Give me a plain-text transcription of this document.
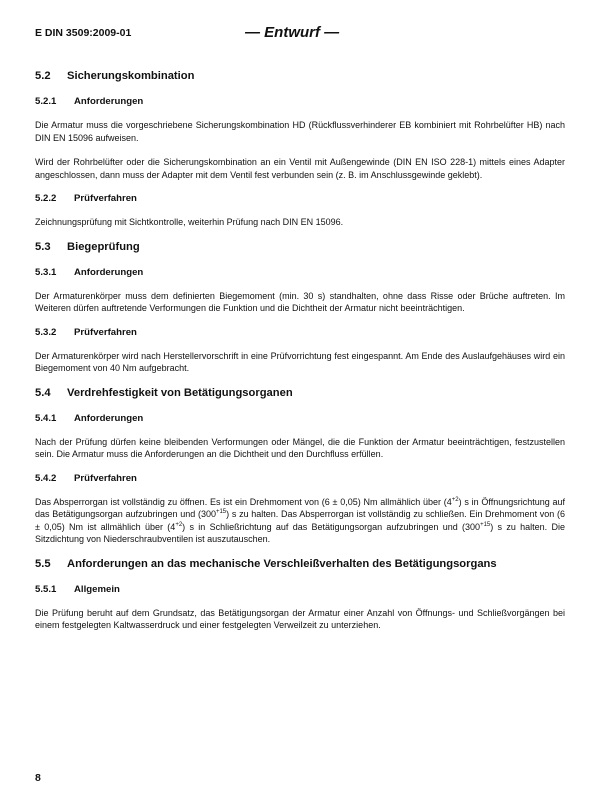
E DIN 3509:2009-01	— Entwurf —
5.2 Sicherungskombination
5.2.1 Anforderungen

Die Armatur muss die vorgeschriebene Sicherungskombination HD (Rückflussverhinderer EB kombiniert mit Rohrbelüfter HB) nach DIN EN 15096 aufweisen.

Wird der Rohrbelüfter oder die Sicherungskombination an ein Ventil mit Außengewinde (DIN EN ISO 228-1) mittels eines Adapter angeschlossen, dann muss der Adapter mit dem Ventil fest verbunden sein (z. B. im Anschlussgewinde geklebt).

5.2.2 Prüfverfahren

Zeichnungsprüfung mit Sichtkontrolle, weiterhin Prüfung nach DIN EN 15096.

5.3 Biegeprüfung
5.3.1 Anforderungen

Der Armaturenkörper muss dem definierten Biegemoment (min. 30 s) standhalten, ohne dass Risse oder Brüche auftreten. Im Weiteren dürfen auftretende Verformungen die Funktion und die Dichtheit der Armatur nicht beeinträchtigen.

5.3.2 Prüfverfahren

Der Armaturenkörper wird nach Herstellervorschrift in eine Prüfvorrichtung fest eingespannt. Am Ende des Auslaufgehäuses wird ein Biegemoment von 40 Nm aufgebracht.

5.4 Verdrehfestigkeit von Betätigungsorganen
5.4.1 Anforderungen

Nach der Prüfung dürfen keine bleibenden Verformungen oder Mängel, die die Funktion der Armatur beeinträchtigen, festzustellen sein. Die Armatur muss die Anforderungen an die Dichtheit und den Durchfluss erfüllen.

5.4.2 Prüfverfahren

Das Absperrorgan ist vollständig zu öffnen. Es ist ein Drehmoment von (6 ± 0,05) Nm allmählich über $(4^{+2})$ s in Öffnungsrichtung auf das Betätigungsorgan aufzubringen und $(300^{+15})$ s zu halten. Das Absperrorgan ist vollständig zu schließen. Ein Drehmoment von (6 ± 0,05) Nm ist allmählich über $(4^{+2})$ s in Schließrichtung auf das Betätigungsorgan aufzubringen und $(300^{+15})$ s zu halten. Die Sitzdichtung von Niederschraubventilen ist auszutauschen.

5.5 Anforderungen an das mechanische Verschleißverhalten des Betätigungsorgans
5.5.1 Allgemein

Die Prüfung beruht auf dem Grundsatz, das Betätigungsorgan der Armatur einer Anzahl von Öffnungs- und Schließvorgängen bei einem festgelegten Kaltwasserdruck und einer festgelegten Verweilzeit zu unterziehen.

8
